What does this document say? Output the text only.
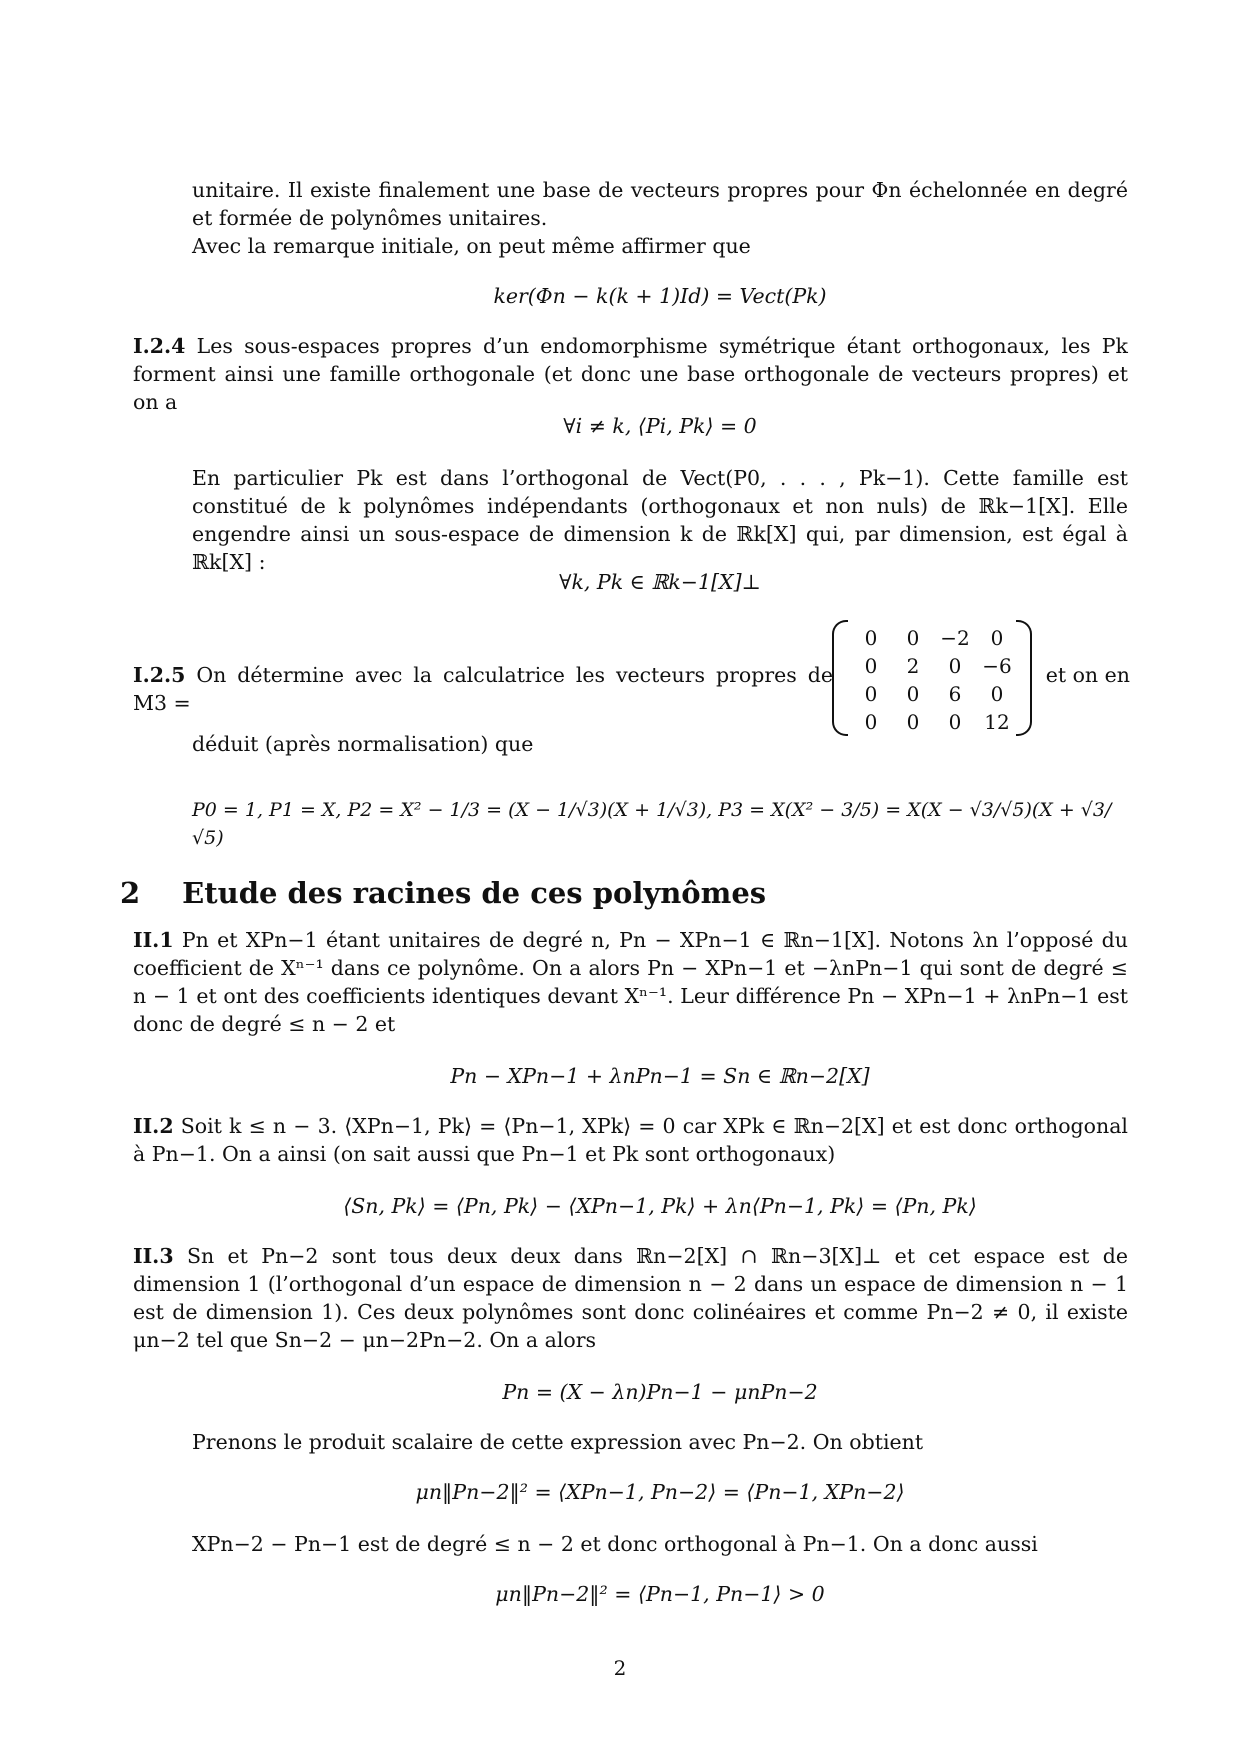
unitaire. Il existe finalement une base de vecteurs propres pour Φn échelonnée en degré et formée de polynômes unitaires.
Avec la remarque initiale, on peut même affirmer que
ker(Φn − k(k + 1)Id) = Vect(Pk)
I.2.4 Les sous-espaces propres d’un endomorphisme symétrique étant orthogonaux, les Pk forment ainsi une famille orthogonale (et donc une base orthogonale de vecteurs propres) et on a
∀i ≠ k, ⟨Pi, Pk⟩ = 0
En particulier Pk est dans l’orthogonal de Vect(P0, . . . , Pk−1). Cette famille est constitué de k polynômes indépendants (orthogonaux et non nuls) de ℝk−1[X]. Elle engendre ainsi un sous-espace de dimension k de ℝk[X] qui, par dimension, est égal à ℝk[X] :
∀k, Pk ∈ ℝk−1[X]⊥
I.2.5 On détermine avec la calculatrice les vecteurs propres de M3 =
0	0	−2	0
0	2	0	−6
0	0	6	0
0	0	0	12
et on en
déduit (après normalisation) que
P0 = 1, P1 = X, P2 = X² − 1/3 = (X − 1/√3)(X + 1/√3), P3 = X(X² − 3/5) = X(X − √3/√5)(X + √3/√5)
2 Etude des racines de ces polynômes
II.1 Pn et XPn−1 étant unitaires de degré n, Pn − XPn−1 ∈ ℝn−1[X]. Notons λn l’opposé du coefficient de Xⁿ⁻¹ dans ce polynôme. On a alors Pn − XPn−1 et −λnPn−1 qui sont de degré ≤ n − 1 et ont des coefficients identiques devant Xⁿ⁻¹. Leur différence Pn − XPn−1 + λnPn−1 est donc de degré ≤ n − 2 et
Pn − XPn−1 + λnPn−1 = Sn ∈ ℝn−2[X]
II.2 Soit k ≤ n − 3. ⟨XPn−1, Pk⟩ = ⟨Pn−1, XPk⟩ = 0 car XPk ∈ ℝn−2[X] et est donc orthogonal à Pn−1. On a ainsi (on sait aussi que Pn−1 et Pk sont orthogonaux)
⟨Sn, Pk⟩ = ⟨Pn, Pk⟩ − ⟨XPn−1, Pk⟩ + λn⟨Pn−1, Pk⟩ = ⟨Pn, Pk⟩
II.3 Sn et Pn−2 sont tous deux deux dans ℝn−2[X] ∩ ℝn−3[X]⊥ et cet espace est de dimension 1 (l’orthogonal d’un espace de dimension n − 2 dans un espace de dimension n − 1 est de dimension 1). Ces deux polynômes sont donc colinéaires et comme Pn−2 ≠ 0, il existe μn−2 tel que Sn−2 − μn−2Pn−2. On a alors
Pn = (X − λn)Pn−1 − μnPn−2
Prenons le produit scalaire de cette expression avec Pn−2. On obtient
μn‖Pn−2‖² = ⟨XPn−1, Pn−2⟩ = ⟨Pn−1, XPn−2⟩
XPn−2 − Pn−1 est de degré ≤ n − 2 et donc orthogonal à Pn−1. On a donc aussi
μn‖Pn−2‖² = ⟨Pn−1, Pn−1⟩ > 0
2
